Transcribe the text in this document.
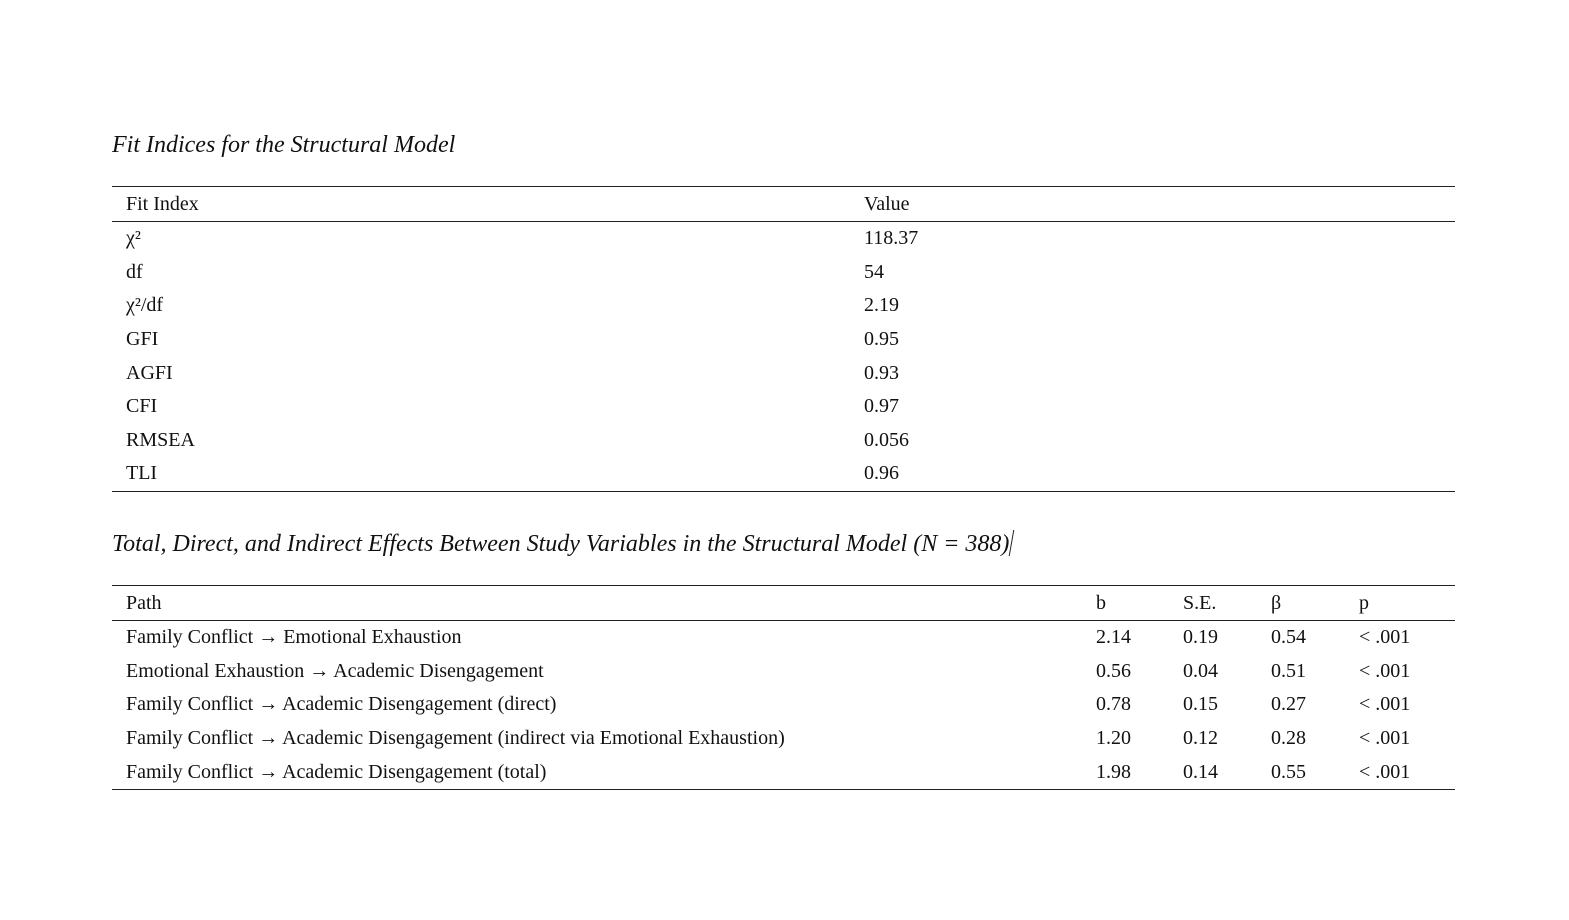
Fit Indices for the Structural Model
Fit Index	Value
χ²	118.37
df	54
χ²/df	2.19
GFI	0.95
AGFI	0.93
CFI	0.97
RMSEA	0.056
TLI	0.96
Total, Direct, and Indirect Effects Between Study Variables in the Structural Model (N = 388)
Path	b	S.E.	β	p
Family Conflict → Emotional Exhaustion	2.14	0.19	0.54	< .001
Emotional Exhaustion → Academic Disengagement	0.56	0.04	0.51	< .001
Family Conflict → Academic Disengagement (direct)	0.78	0.15	0.27	< .001
Family Conflict → Academic Disengagement (indirect via Emotional Exhaustion)	1.20	0.12	0.28	< .001
Family Conflict → Academic Disengagement (total)	1.98	0.14	0.55	< .001
